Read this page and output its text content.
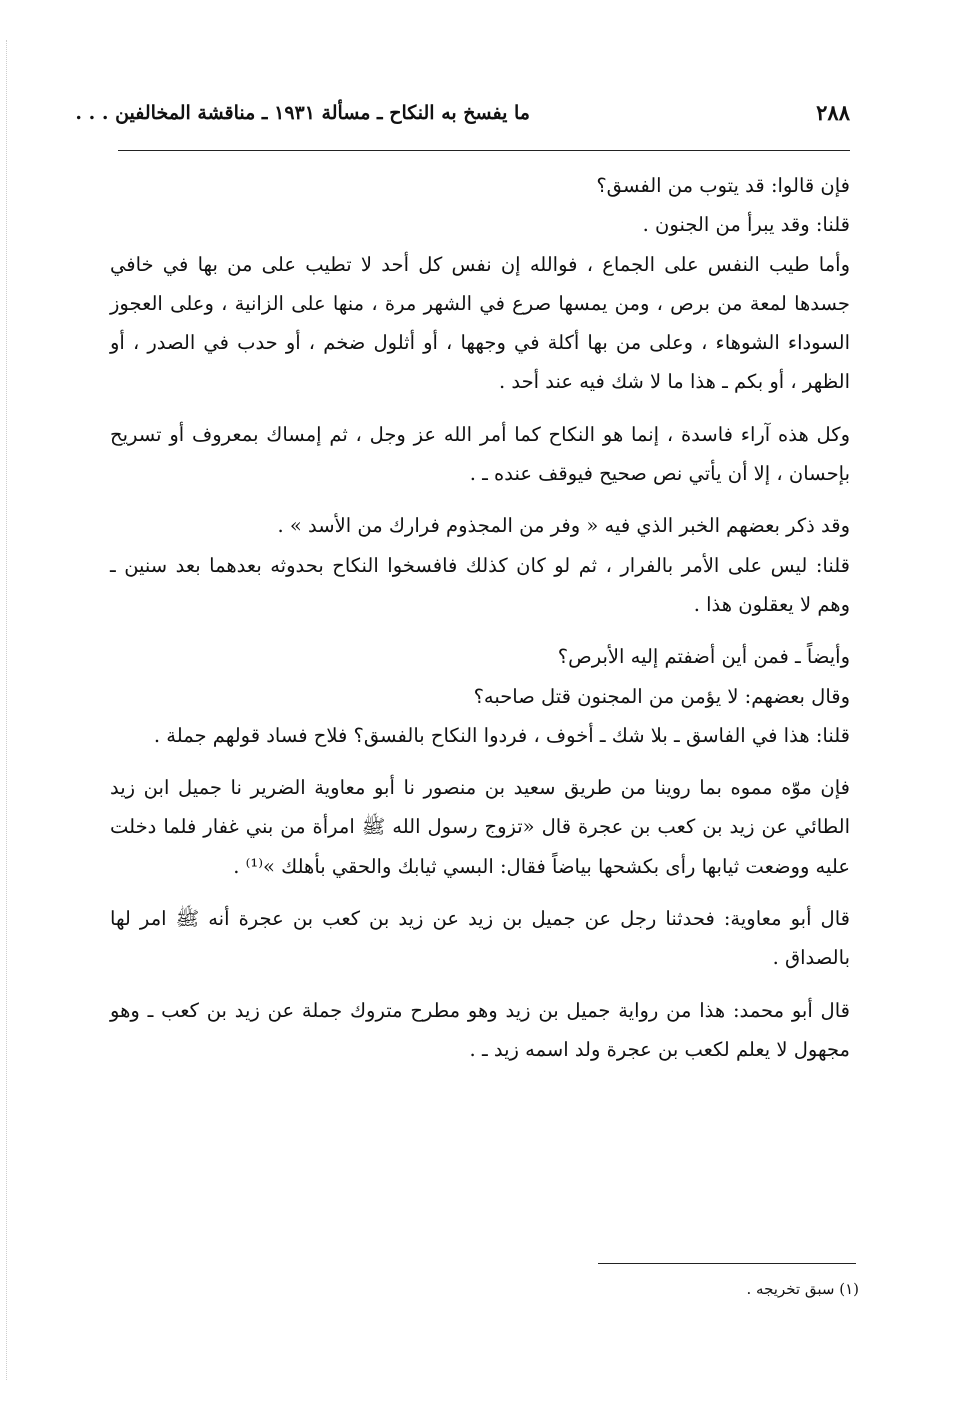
٢٨٨
ما يفسخ به النكاح ـ مسألة ١٩٣١ ـ مناقشة المخالفين . . .

فإن قالوا: قد يتوب من الفسق؟

قلنا: وقد يبرأ من الجنون .

وأما طيب النفس على الجماع ، فوالله إن نفس كل أحد لا تطيب على من بها في خافي جسدها لمعة من برص ، ومن يمسها صرع في الشهر مرة ، منها على الزانية ، وعلى العجوز السوداء الشوهاء ، وعلى من بها أكلة في وجهها ، أو أثلول ضخم ، أو حدب في الصدر ، أو الظهر ، أو بكم ـ هذا ما لا شك فيه عند أحد .

وكل هذه آراء فاسدة ، إنما هو النكاح كما أمر الله عز وجل ، ثم إمساك بمعروف أو تسريح بإحسان ، إلا أن يأتي نص صحيح فيوقف عنده ـ .

وقد ذكر بعضهم الخبر الذي فيه « وفر من المجذوم فرارك من الأسد » .

قلنا: ليس على الأمر بالفرار ، ثم لو كان كذلك فافسخوا النكاح بحدوثه بعدهما بعد سنين ـ وهم لا يعقلون هذا .

وأيضاً ـ فمن أين أضفتم إليه الأبرص؟

وقال بعضهم: لا يؤمن من المجنون قتل صاحبه؟

قلنا: هذا في الفاسق ـ بلا شك ـ أخوف ، فردوا النكاح بالفسق؟ فلاح فساد قولهم جملة .

فإن موّه مموه بما روينا من طريق سعيد بن منصور نا أبو معاوية الضرير نا جميل ابن زيد الطائي عن زيد بن كعب بن عجرة قال «تزوج رسول الله ﷺ امرأة من بني غفار فلما دخلت عليه ووضعت ثيابها رأى بكشحها بياضاً فقال: البسي ثيابك والحقي بأهلك »⁽¹⁾ .

قال أبو معاوية: فحدثنا رجل عن جميل بن زيد عن زيد بن كعب بن عجرة أنه ﷺ امر لها بالصداق .

قال أبو محمد: هذا من رواية جميل بن زيد وهو مطرح متروك جملة عن زيد بن كعب ـ وهو مجهول لا يعلم لكعب بن عجرة ولد اسمه زيد ـ .

(١) سبق تخريجه .
